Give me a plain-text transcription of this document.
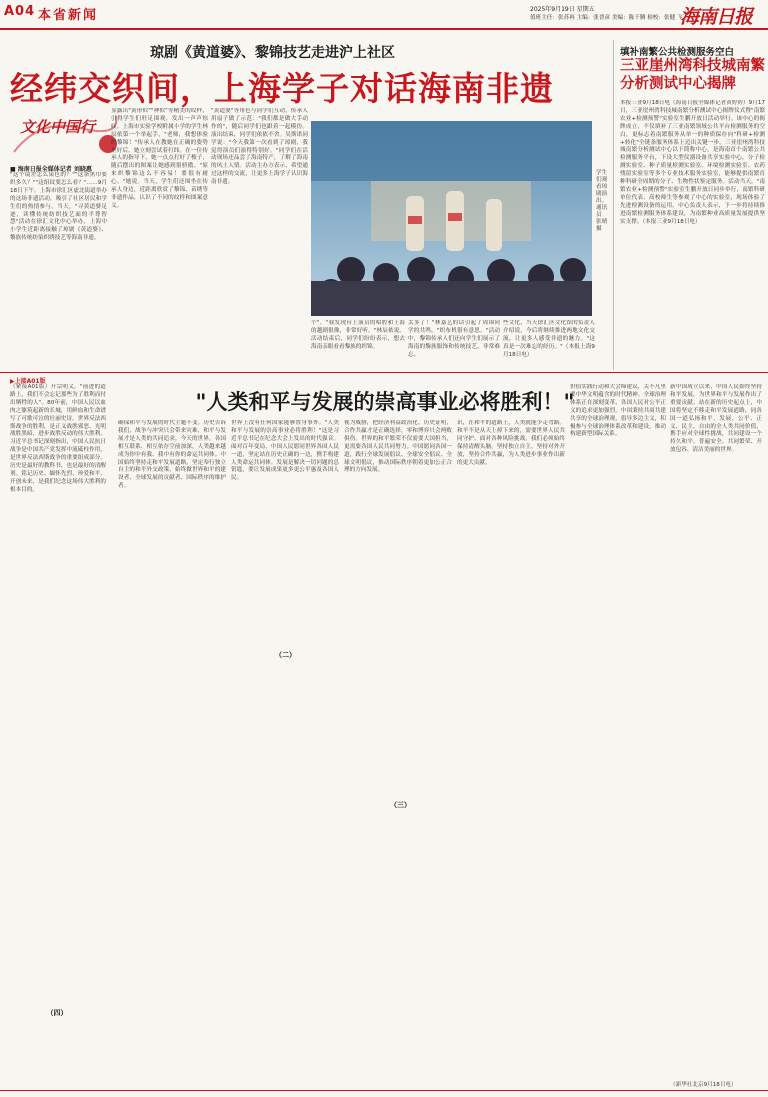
A04 本省新闻	2025年9月19日 星期五
值班主任：张苏再 主编：张晋彦 美编：陈千腾 检校：张健 飞丁
海南日报
琼剧《黄道婆》、黎锦技艺走进沪上社区
经纬交织间，上海学子对话海南非遗
文化中国行
■ 海南日报全媒体记者 刘晓惠
"这个镜差怎么染色的？""这条黑巾要织多久？""这组纹要怎么看？"……9月18日下午，上海市徐汇区虚北街道举办的这场非遗活动，吸引了社区居民和学生们的热情参与。当天，"寻黄道婆足迹，读懂传统纺织技艺面的半尊智慧"活动在徐汇文化中心举办，上海中小学生近距离接触了琼剧《黄道婆》、黎族传统纺染织绣技艺等海南非遗。
显露出"黄形似""神似"等精美的纹样，引得学生们驻足围观，发出一声声惊叹。上海市实验学校附属小学的学生林辰依第一个举起手，"老师，我想体验织黎锦！"传承人在教她在正确的姿势坐好后，她立刻尝试着打纬。在一位传承人的指导下，她一点点打好了梭子，随后摆出的图案让她感到很骄傲。"原来织黎锦这么不容易！要很有耐心。"她说。当天，学生们还围坐在传承人身边，近距离欣赏了黎锦、苗绣等非遗作品，认识了不同的纹样和图案意义。
"黄道婆"等角色与同学们互动。传承人用扇子做了示范："我们都是做大手动作的"，随后同学们也跟着一起模仿。演出结束，同学们依依不舍。吴斯诺同学说："今天我第一次看到了琼剧，我觉得演员们演得特别好。"同学们在活动现场还品尝了海南特产，了解了海南的风土人情。活动主办方表示，希望通过这样的交流，让更多上海学子认识海南非遗。
学生们观看琼剧演出。通讯员 张晴 摄
个"。"我发现台上演员的唱腔和上海的越剧很像，非常好听。"林辰依说。活动结束后，同学们纷纷表示，想去海南亲眼看看黎族的织锦。
太多了！"林嘉艺的话引起了周围同学的共鸣。"织布机很有意思。"活动中，黎锦传承人们还向学生们展示了海南的黎族服饰和传统技艺，非常难忘。
些文化，当天徐汇区文化馆的负责人介绍说，今后将继续推进两地文化交流，让更多人感受非遗的魅力。"这真是一次难忘的经历。"（本报上海9月18日电）
填补南繁公共检测服务空白
三亚崖州湾科技城南繁分析测试中心揭牌
本报三亚9月18日电（海南日报全媒体记者黄婷婷）9月17日，三亚崖州湾科技城南繁分析测试中心揭牌仪式暨"南繁农业+检测预警"实验室生鹏开放日活动举行。该中心的揭牌成立，不仅填补了三亚南繁领域公共平台检测服务的空白，更标志着南繁服务从单一的种质保存向"科研+检测+转化"全链条服务体系上迈出关键一步。三亚崖州湾科技城南繁分析测试中心以下简称中心，是海南首个南繁公共检测服务平台，下设大型仪器设备共享实验中心、分子检测实验室、种子质量检测实验室、环境检测实验室、农药残留实验室等多个专业技术服务实验室，能够提供南繁育种科研全周期的分子、生物性状鉴定服务。活动当天，"南繁农业+检测预警"实验室生鹏开放日同步举行，南繁科研单位代表、高校师生等参观了中心的实验室，现场体验了先进检测设备的运用。中心负责人表示，下一步将持续推进南繁检测服务体系建设，为南繁种业高质量发展提供坚实支撑。（本报三亚9月18日电）
▶上接A01版
"人类和平与发展的崇高事业必将胜利！"
（紧接A01版）开宗明义，"前进的道路上，我们不会忘记那些为了胜利而付出牺牲的人"。80年前，中国人民以血肉之躯筑起新的长城，用鲜血和生命谱写了可歌可泣的壮丽史诗。世界反法西斯战争的胜利，是正义战胜邪恶、光明战胜黑暗、进步战胜反动的伟大胜利。习近平总书记深刻指出，中国人民抗日战争是中国共产党发挥中流砥柱作用，是世界反法西斯战争的重要组成部分。历史是最好的教科书，也是最好的清醒剂。铭记历史、缅怀先烈、珍爱和平、开创未来，是我们纪念这场伟大胜利的根本目的。
确保和平与发展的时代主题不变。历史告诉我们，战争与冲突只会带来灾难，和平与发展才是人类的共同追求。今天的世界，各国相互联系、相互依存空前加深，人类越来越成为你中有我、我中有你的命运共同体。中国始终坚持走和平发展道路，坚定奉行独立自主的和平外交政策，始终做世界和平的建设者、全球发展的贡献者、国际秩序的维护者。
世界上没有任何国家能够置身事外。"人类和平与发展的崇高事业必将胜利！"这是习近平总书记在纪念大会上发出的时代强音。面对百年变局，中国人民愿同世界各国人民一道，坚定站在历史正确的一边，携手构建人类命运共同体。发展是解决一切问题的总钥匙，要让发展成果更多更公平惠及各国人民。
视为威胁，把经济利益政治化。历史证明，合作共赢才是正确选择，零和博弈只会两败俱伤。世界的和平繁荣不仅需要大国担当，更需要各国人民共同努力。中国愿同各国一道，践行全球发展倡议、全球安全倡议、全球文明倡议，推动国际秩序朝着更加公正合理的方向发展。
识，在和平的道路上，人类就能少走弯路。和平不是从天上掉下来的，需要世界人民共同守护。面对各种风险挑战，我们必须始终保持清醒头脑，坚持独立自主，坚持对外开放，坚持合作共赢，为人类进步事业作出新的更大贡献。
价值实践行动和大会缔建议，关不凡里要中华文明蕴含的时代精神。全球治理体系正在深刻变革，各国人民对公平正义的追求更加强烈。中国秉持共商共建共享的全球治理观，倡导多边主义，积极参与全球治理体系改革和建设，推动构建新型国际关系。
新中国成立以来，中国人民始终坚持和平发展，为世界和平与发展作出了重要贡献。站在新的历史起点上，中国将坚定不移走和平发展道路，同各国一道弘扬和平、发展、公平、正义、民主、自由的全人类共同价值，携手应对全球性挑战，共同建设一个持久和平、普遍安全、共同繁荣、开放包容、清洁美丽的世界。
（二）
（三）
（四）
（新华社北京9月18日电）
